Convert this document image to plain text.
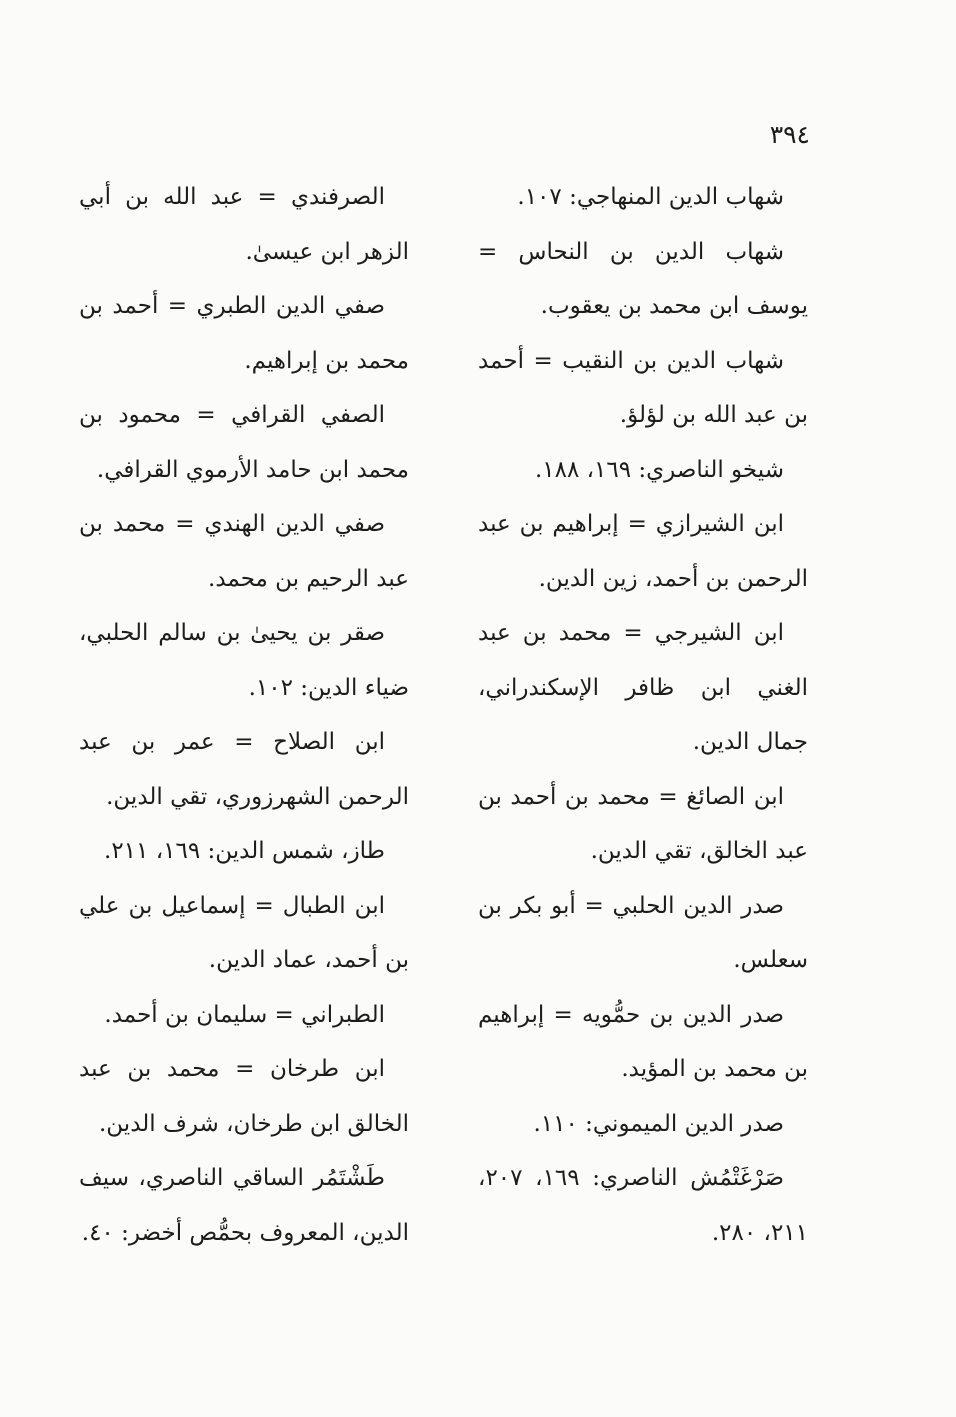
٣٩٤

شهاب الدين المنهاجي: ١٠٧.

شهاب الدين بن النحاس = يوسف ابن محمد بن يعقوب.

شهاب الدين بن النقيب = أحمد بن عبد الله بن لؤلؤ.

شيخو الناصري: ١٦٩، ١٨٨.

ابن الشيرازي = إبراهيم بن عبد الرحمن بن أحمد، زين الدين.

ابن الشيرجي = محمد بن عبد الغني ابن ظافر الإسكندراني، جمال الدين.

ابن الصائغ = محمد بن أحمد بن عبد الخالق، تقي الدين.

صدر الدين الحلبي = أبو بكر بن سعلس.

صدر الدين بن حمُّويه = إبراهيم بن محمد بن المؤيد.

صدر الدين الميموني: ١١٠.

صَرْغَتْمُش الناصري: ١٦٩، ٢٠٧، ٢١١، ٢٨٠.

الصرفندي = عبد الله بن أبي الزهر ابن عيسىٰ.

صفي الدين الطبري = أحمد بن محمد بن إبراهيم.

الصفي القرافي = محمود بن محمد ابن حامد الأرموي القرافي.

صفي الدين الهندي = محمد بن عبد الرحيم بن محمد.

صقر بن يحيىٰ بن سالم الحلبي، ضياء الدين: ١٠٢.

ابن الصلاح = عمر بن عبد الرحمن الشهرزوري، تقي الدين.

طاز، شمس الدين: ١٦٩، ٢١١.

ابن الطبال = إسماعيل بن علي بن أحمد، عماد الدين.

الطبراني = سليمان بن أحمد.

ابن طرخان = محمد بن عبد الخالق ابن طرخان، شرف الدين.

طَشْتَمُر الساقي الناصري، سيف الدين، المعروف بحمُّص أخضر: ٤٠.
